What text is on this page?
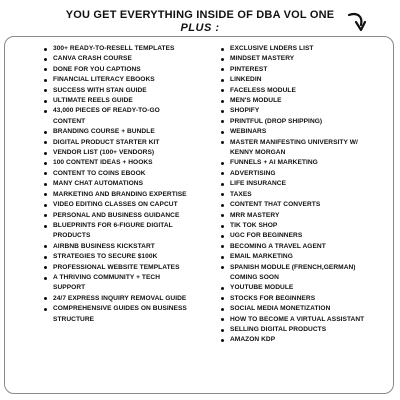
YOU GET EVERYTHING INSIDE OF DBA VOL ONE
PLUS :
300+ READY-TO-RESELL TEMPLATES
CANVA CRASH COURSE
DONE FOR YOU CAPTIONS
FINANCIAL LITERACY EBOOKS
SUCCESS WITH STAN GUIDE
ULTIMATE REELS GUIDE
43,000 PIECES OF READY-TO-GO
CONTENT
BRANDING COURSE + BUNDLE
DIGITAL PRODUCT STARTER KIT
VENDOR LIST (100+ VENDORS)
100 CONTENT IDEAS + HOOKS
CONTENT TO COINS EBOOK
MANY CHAT AUTOMATIONS
MARKETING AND BRANDING EXPERTISE
VIDEO EDITING CLASSES ON CAPCUT
PERSONAL AND BUSINESS GUIDANCE
BLUEPRINTS FOR 6-FIGURE DIGITAL
PRODUCTS
AIRBNB BUSINESS KICKSTART
STRATEGIES TO SECURE $100K
PROFESSIONAL WEBSITE TEMPLATES
A THRIVING COMMUNITY + TECH
SUPPORT
24/7 EXPRESS INQUIRY REMOVAL GUIDE
COMPREHENSIVE GUIDES ON BUSINESS
STRUCTURE
EXCLUSIVE LNDERS LIST
MINDSET MASTERY
PINTEREST
LINKEDIN
FACELESS MODULE
MEN'S MODULE
SHOPIFY
PRINTFUL (DROP SHIPPING)
WEBINARS
MASTER MANIFESTING UNIVERSITY W/
KENNY MORGAN
FUNNELS + AI MARKETING
ADVERTISING
LIFE INSURANCE
TAXES
CONTENT THAT CONVERTS
MRR MASTERY
TIK TOK SHOP
UGC FOR BEGINNERS
BECOMING A TRAVEL AGENT
EMAIL MARKETING
SPANISH MODULE (FRENCH,GERMAN)
COMING SOON
YOUTUBE MODULE
STOCKS FOR BEGINNERS
SOCIAL MEDIA MONETIZATION
HOW TO BECOME A VIRTUAL ASSISTANT
SELLING DIGITAL PRODUCTS
AMAZON KDP
